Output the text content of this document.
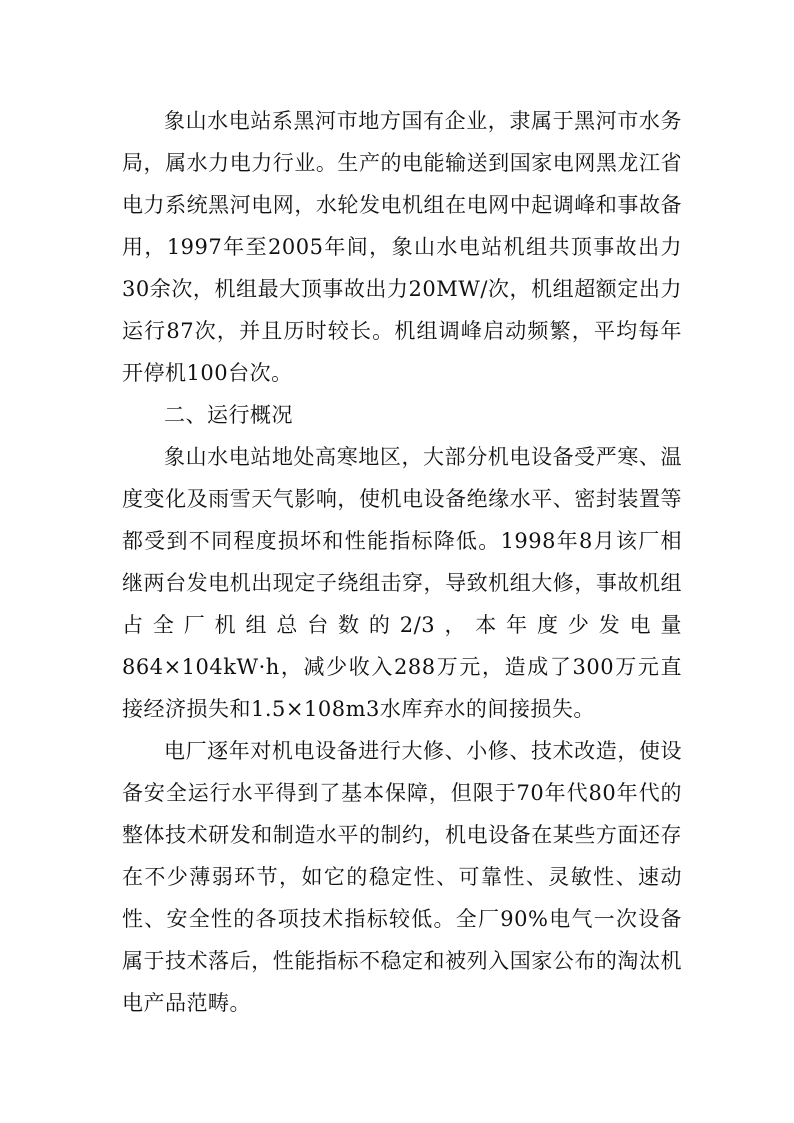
象山水电站系黑河市地方国有企业，隶属于黑河市水务局，属水力电力行业。生产的电能输送到国家电网黑龙江省电力系统黑河电网，水轮发电机组在电网中起调峰和事故备用，1997年至2005年间，象山水电站机组共顶事故出力30余次，机组最大顶事故出力20MW/次，机组超额定出力运行87次，并且历时较长。机组调峰启动频繁，平均每年开停机100台次。

二、运行概况

象山水电站地处高寒地区，大部分机电设备受严寒、温度变化及雨雪天气影响，使机电设备绝缘水平、密封装置等都受到不同程度损坏和性能指标降低。1998年8月该厂相继两台发电机出现定子绕组击穿，导致机组大修，事故机组占全厂机组总台数的2/3，本年度少发电量864×104kW·h，减少收入288万元，造成了300万元直接经济损失和1.5×108m3水库弃水的间接损失。

电厂逐年对机电设备进行大修、小修、技术改造，使设备安全运行水平得到了基本保障，但限于70年代80年代的整体技术研发和制造水平的制约，机电设备在某些方面还存在不少薄弱环节，如它的稳定性、可靠性、灵敏性、速动性、安全性的各项技术指标较低。全厂90%电气一次设备属于技术落后，性能指标不稳定和被列入国家公布的淘汰机电产品范畴。
